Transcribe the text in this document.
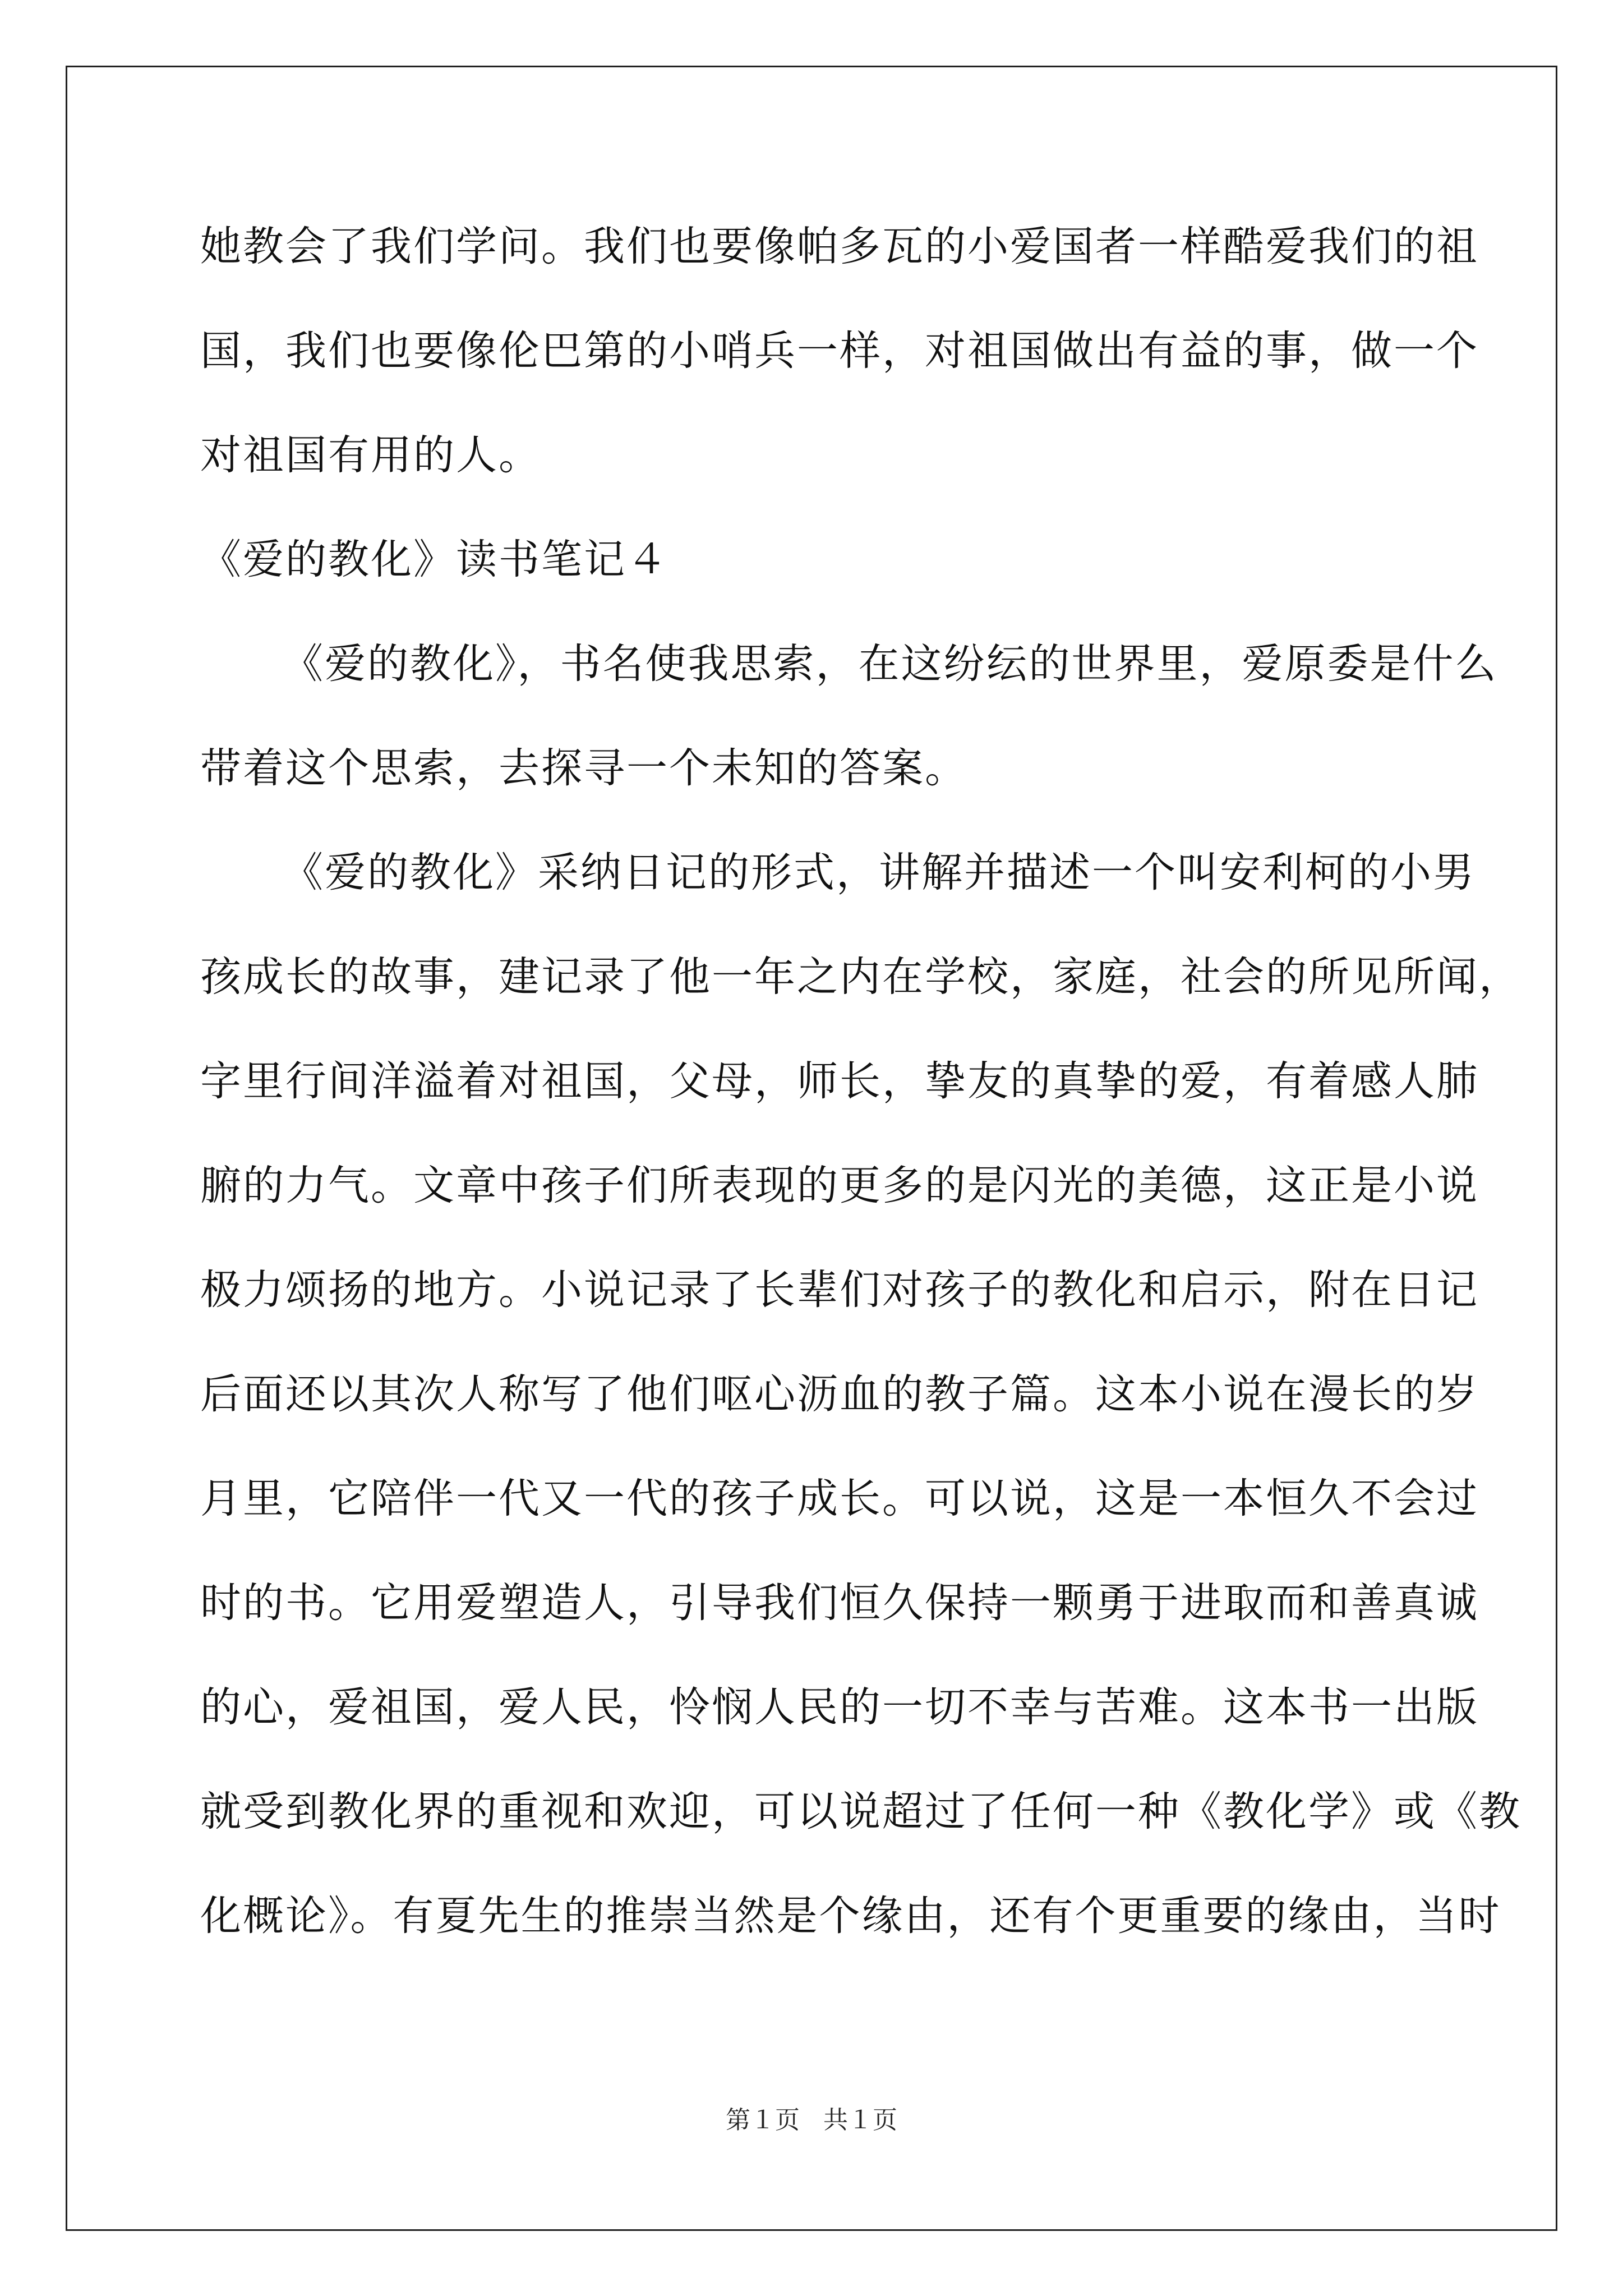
她教会了我们学问。我们也要像帕多瓦的小爱国者一样酷爱我们的祖
国，我们也要像伦巴第的小哨兵一样，对祖国做出有益的事，做一个
对祖国有用的人。
《爱的教化》读书笔记４
《爱的教化》，书名使我思索，在这纷纭的世界里，爱原委是什么
带着这个思索，去探寻一个未知的答案。
《爱的教化》采纳日记的形式，讲解并描述一个叫安利柯的小男
孩成长的故事，建记录了他一年之内在学校，家庭，社会的所见所闻，
字里行间洋溢着对祖国，父母，师长，挚友的真挚的爱，有着感人肺
腑的力气。文章中孩子们所表现的更多的是闪光的美德，这正是小说
极力颂扬的地方。小说记录了长辈们对孩子的教化和启示，附在日记
后面还以其次人称写了他们呕心沥血的教子篇。这本小说在漫长的岁
月里，它陪伴一代又一代的孩子成长。可以说，这是一本恒久不会过
时的书。它用爱塑造人，引导我们恒久保持一颗勇于进取而和善真诚
的心，爱祖国，爱人民，怜悯人民的一切不幸与苦难。这本书一出版
就受到教化界的重视和欢迎，可以说超过了任何一种《教化学》或《教
化概论》。有夏先生的推崇当然是个缘由，还有个更重要的缘由，当时
第１页 共１页
